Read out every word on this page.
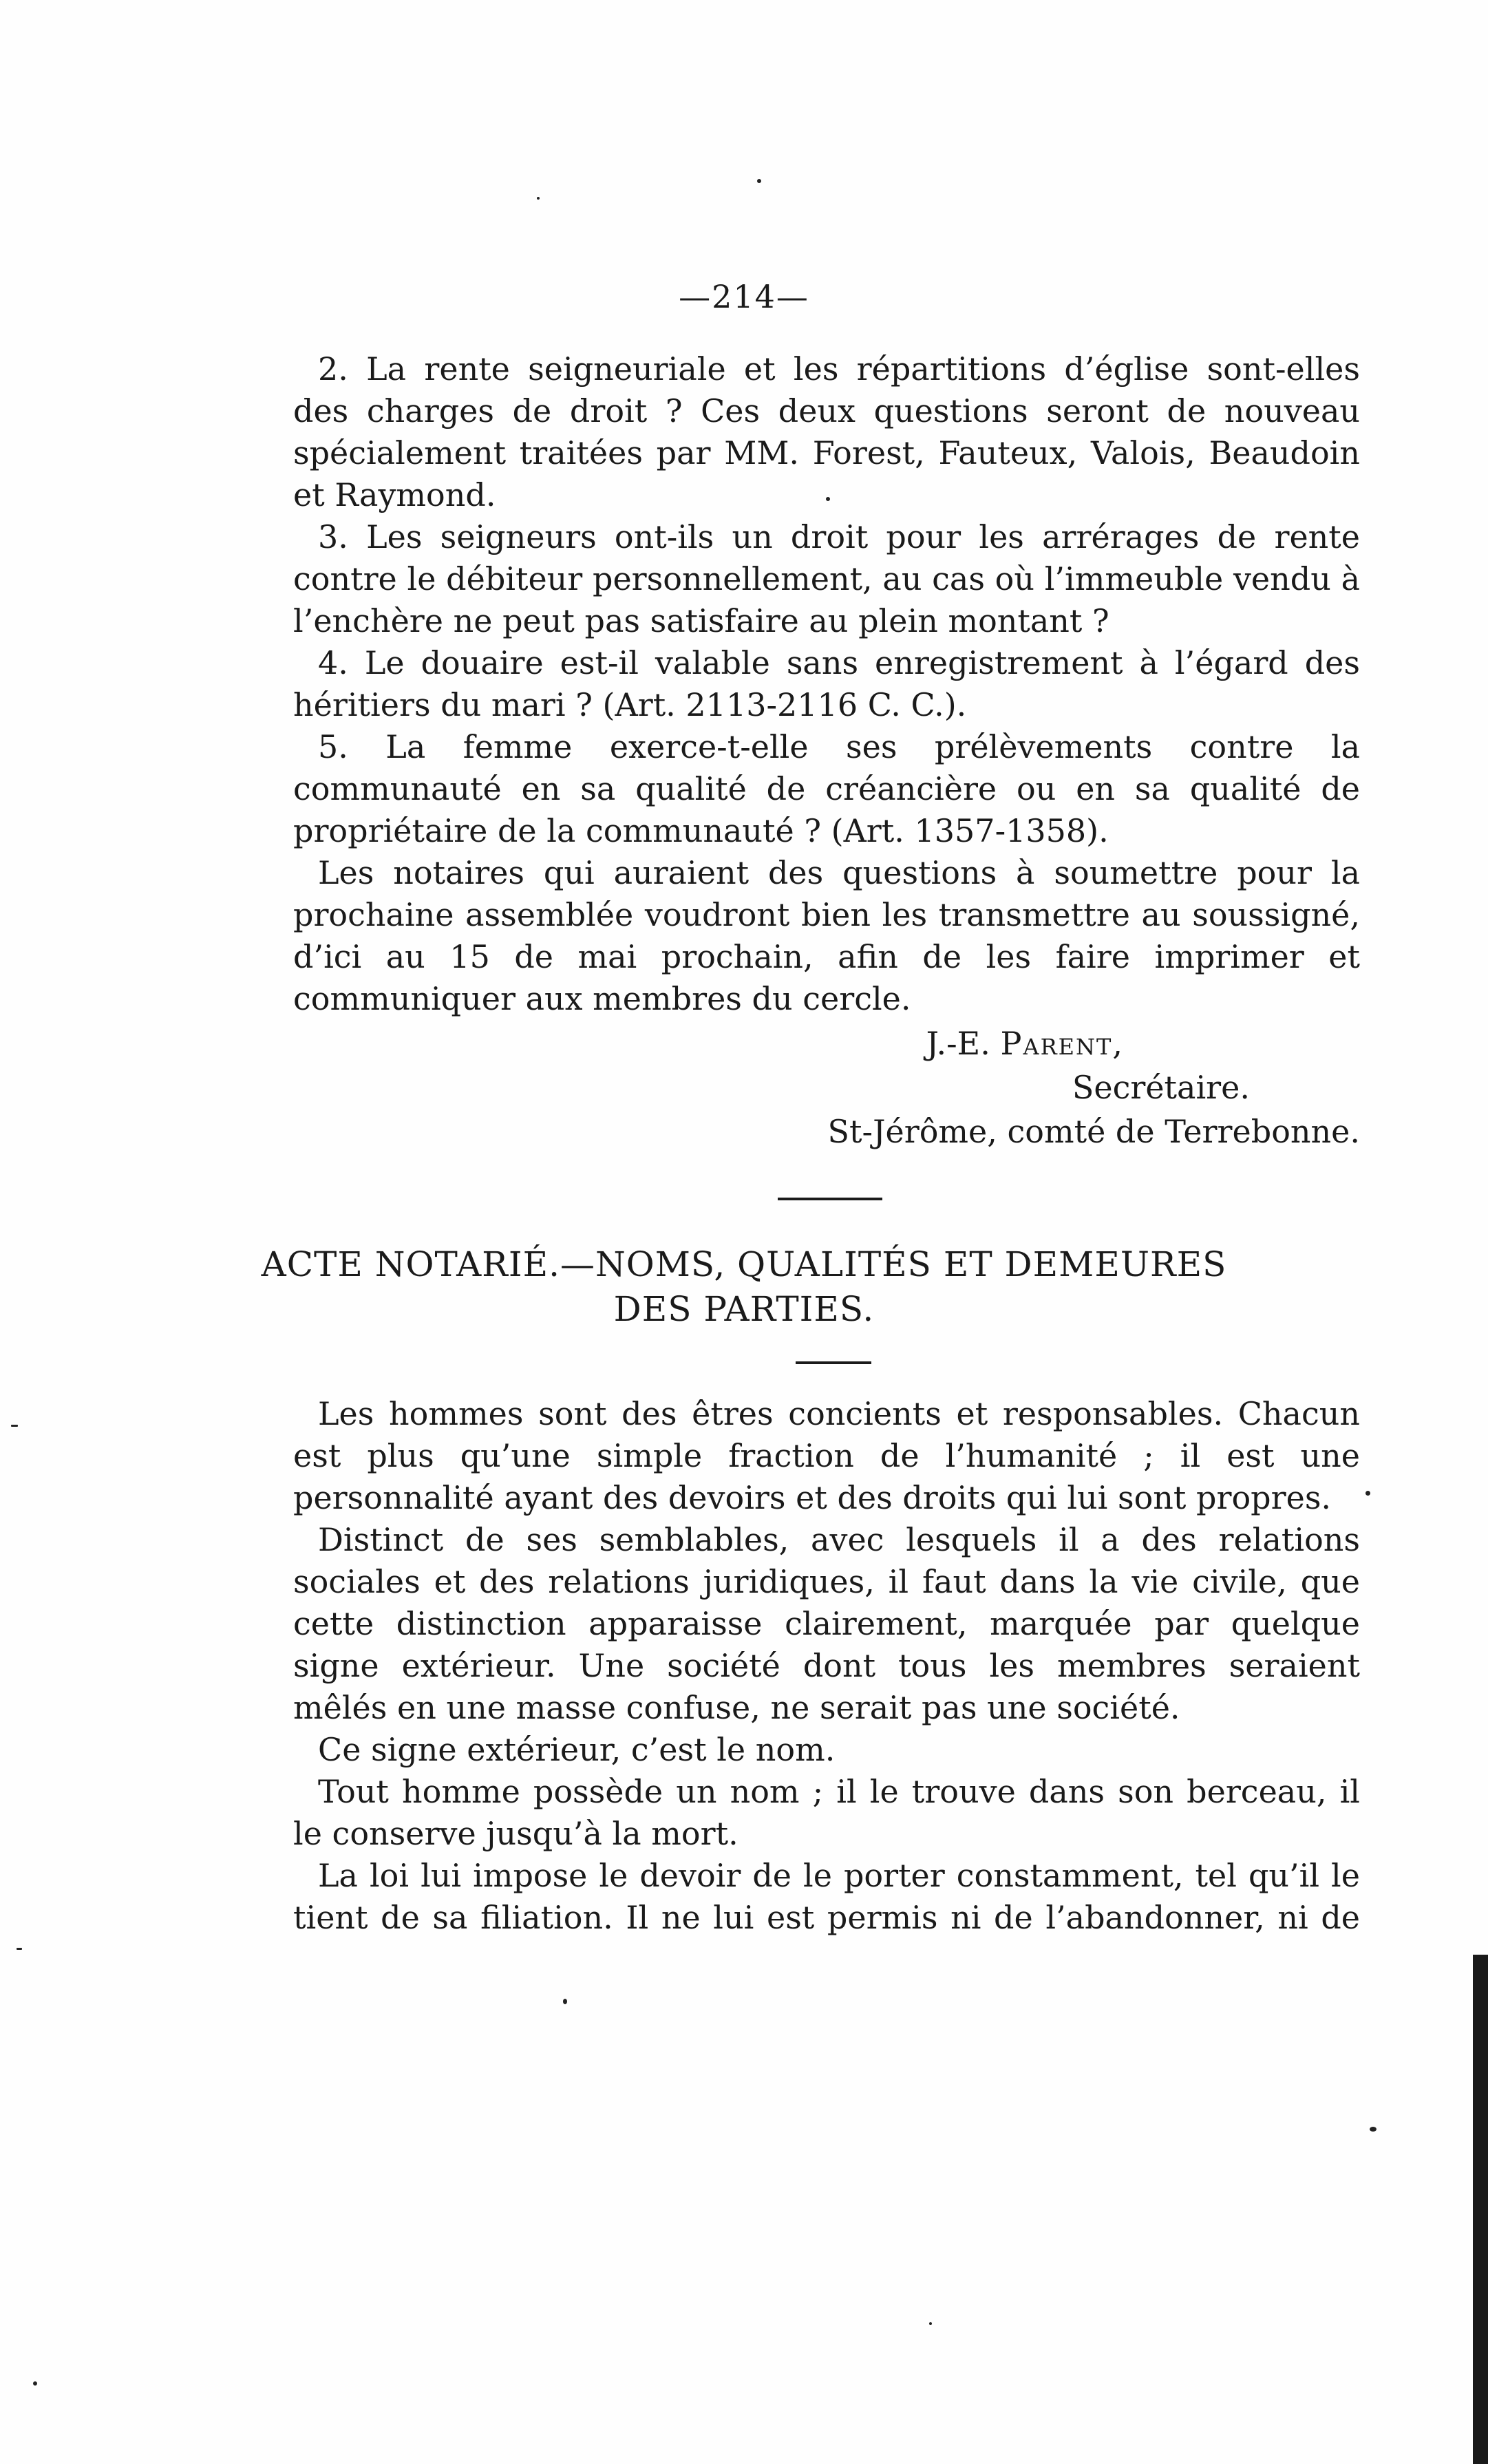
—214—

2. La rente seigneuriale et les répartitions d’église sont-elles des charges de droit ? Ces deux questions seront de nouveau spécialement traitées par MM. Forest, Fauteux, Valois, Beaudoin et Raymond.

3. Les seigneurs ont-ils un droit pour les arrérages de rente contre le débiteur personnellement, au cas où l’immeuble vendu à l’enchère ne peut pas satisfaire au plein montant ?

4. Le douaire est-il valable sans enregistrement à l’égard des héritiers du mari ? (Art. 2113-2116 C. C.).

5. La femme exerce-t-elle ses prélèvements contre la communauté en sa qualité de créancière ou en sa qualité de propriétaire de la communauté ? (Art. 1357-1358).

Les notaires qui auraient des questions à soumettre pour la prochaine assemblée voudront bien les transmettre au soussigné, d’ici au 15 de mai prochain, afin de les faire imprimer et communiquer aux membres du cercle.

J.-E. Parent,
Secrétaire.
St-Jérôme, comté de Terrebonne.
ACTE NOTARIÉ.—NOMS, QUALITÉS ET DEMEURES
DES PARTIES.

Les hommes sont des êtres concients et responsables. Chacun est plus qu’une simple fraction de l’humanité ; il est une personnalité ayant des devoirs et des droits qui lui sont propres.

Distinct de ses semblables, avec lesquels il a des relations sociales et des relations juridiques, il faut dans la vie civile, que cette distinction apparaisse clairement, marquée par quelque signe extérieur. Une société dont tous les membres seraient mêlés en une masse confuse, ne serait pas une société.

Ce signe extérieur, c’est le nom.

Tout homme possède un nom ; il le trouve dans son berceau, il le conserve jusqu’à la mort.

La loi lui impose le devoir de le porter constamment, tel qu’il le tient de sa filiation. Il ne lui est permis ni de l’abandonner, ni de
